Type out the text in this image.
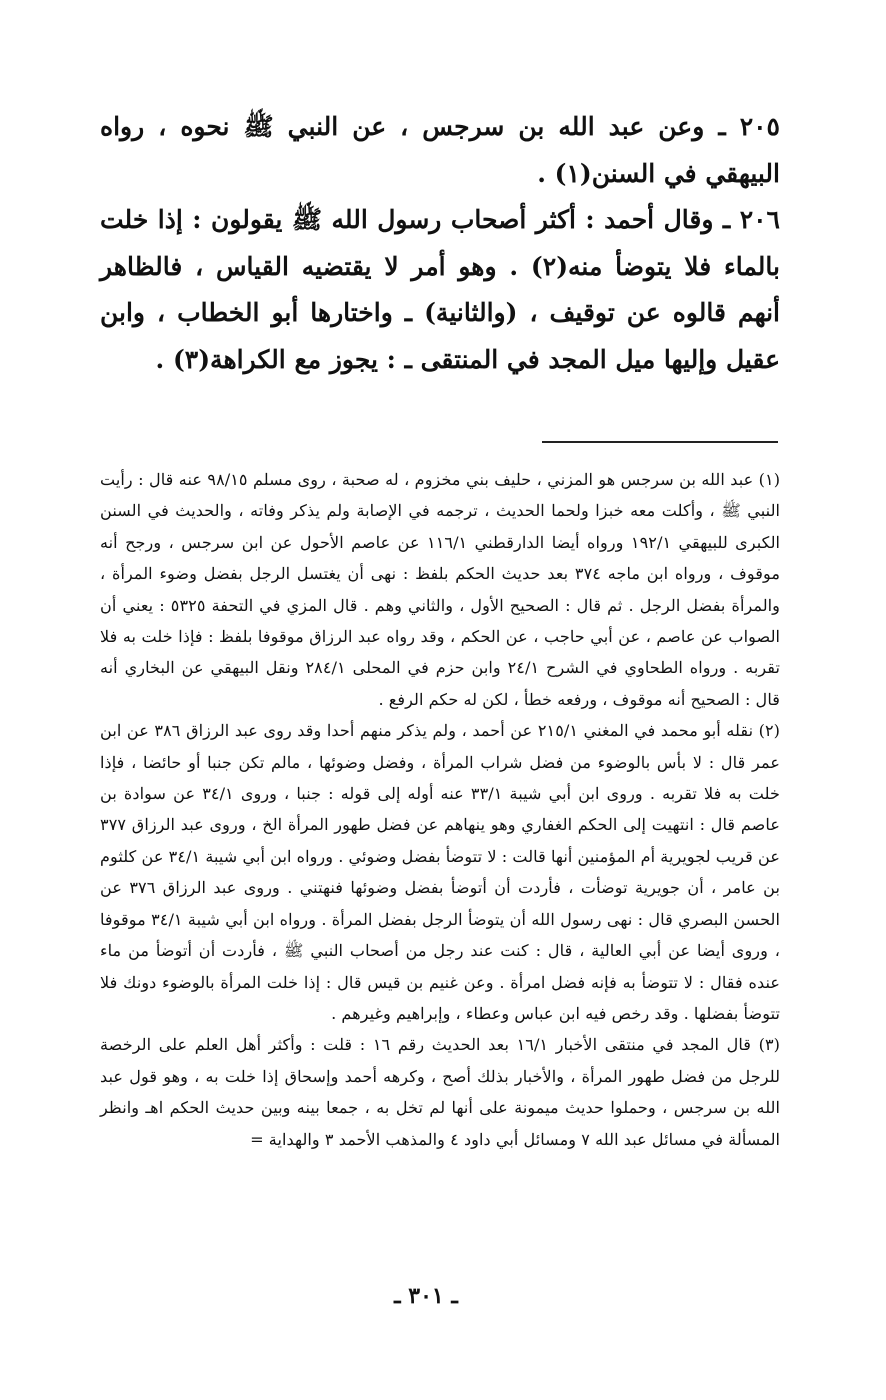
٢٠٥ ـ وعن عبد الله بن سرجس ، عن النبي ﷺ نحوه ، رواه البيهقي في السنن(١) .

٢٠٦ ـ وقال أحمد : أكثر أصحاب رسول الله ﷺ يقولون : إذا خلت بالماء فلا يتوضأ منه(٢) . وهو أمر لا يقتضيه القياس ، فالظاهر أنهم قالوه عن توقيف ، (والثانية) ـ واختارها أبو الخطاب ، وابن عقيل وإليها ميل المجد في المنتقى ـ : يجوز مع الكراهة(٣) .

(١) عبد الله بن سرجس هو المزني ، حليف بني مخزوم ، له صحبة ، روى مسلم ٩٨/١٥ عنه قال : رأيت النبي ﷺ ، وأكلت معه خبزا ولحما الحديث ، ترجمه في الإصابة ولم يذكر وفاته ، والحديث في السنن الكبرى للبيهقي ١٩٢/١ ورواه أيضا الدارقطني ١١٦/١ عن عاصم الأحول عن ابن سرجس ، ورجح أنه موقوف ، ورواه ابن ماجه ٣٧٤ بعد حديث الحكم بلفظ : نهى أن يغتسل الرجل بفضل وضوء المرأة ، والمرأة بفضل الرجل . ثم قال : الصحيح الأول ، والثاني وهم . قال المزي في التحفة ٥٣٢٥ : يعني أن الصواب عن عاصم ، عن أبي حاجب ، عن الحكم ، وقد رواه عبد الرزاق موقوفا بلفظ : فإذا خلت به فلا تقربه . ورواه الطحاوي في الشرح ٢٤/١ وابن حزم في المحلى ٢٨٤/١ ونقل البيهقي عن البخاري أنه قال : الصحيح أنه موقوف ، ورفعه خطأ ، لكن له حكم الرفع .

(٢) نقله أبو محمد في المغني ٢١٥/١ عن أحمد ، ولم يذكر منهم أحدا وقد روى عبد الرزاق ٣٨٦ عن ابن عمر قال : لا بأس بالوضوء من فضل شراب المرأة ، وفضل وضوئها ، مالم تكن جنبا أو حائضا ، فإذا خلت به فلا تقربه . وروى ابن أبي شيبة ٣٣/١ عنه أوله إلى قوله : جنبا ، وروى ٣٤/١ عن سوادة بن عاصم قال : انتهيت إلى الحكم الغفاري وهو ينهاهم عن فضل طهور المرأة الخ ، وروى عبد الرزاق ٣٧٧ عن قريب لجويرية أم المؤمنين أنها قالت : لا تتوضأ بفضل وضوئي . ورواه ابن أبي شيبة ٣٤/١ عن كلثوم بن عامر ، أن جويرية توضأت ، فأردت أن أتوضأ بفضل وضوئها فنهتني . وروى عبد الرزاق ٣٧٦ عن الحسن البصري قال : نهى رسول الله أن يتوضأ الرجل بفضل المرأة . ورواه ابن أبي شيبة ٣٤/١ موقوفا ، وروى أيضا عن أبي العالية ، قال : كنت عند رجل من أصحاب النبي ﷺ ، فأردت أن أتوضأ من ماء عنده فقال : لا تتوضأ به فإنه فضل امرأة . وعن غنيم بن قيس قال : إذا خلت المرأة بالوضوء دونك فلا تتوضأ بفضلها . وقد رخص فيه ابن عباس وعطاء ، وإبراهيم وغيرهم .

(٣) قال المجد في منتقى الأخبار ١٦/١ بعد الحديث رقم ١٦ : قلت : وأكثر أهل العلم على الرخصة للرجل من فضل طهور المرأة ، والأخبار بذلك أصح ، وكرهه أحمد وإسحاق إذا خلت به ، وهو قول عبد الله بن سرجس ، وحملوا حديث ميمونة على أنها لم تخل به ، جمعا بينه وبين حديث الحكم اهـ وانظر المسألة في مسائل عبد الله ٧ ومسائل أبي داود ٤ والمذهب الأحمد ٣ والهداية =

ـ ٣٠١ ـ
